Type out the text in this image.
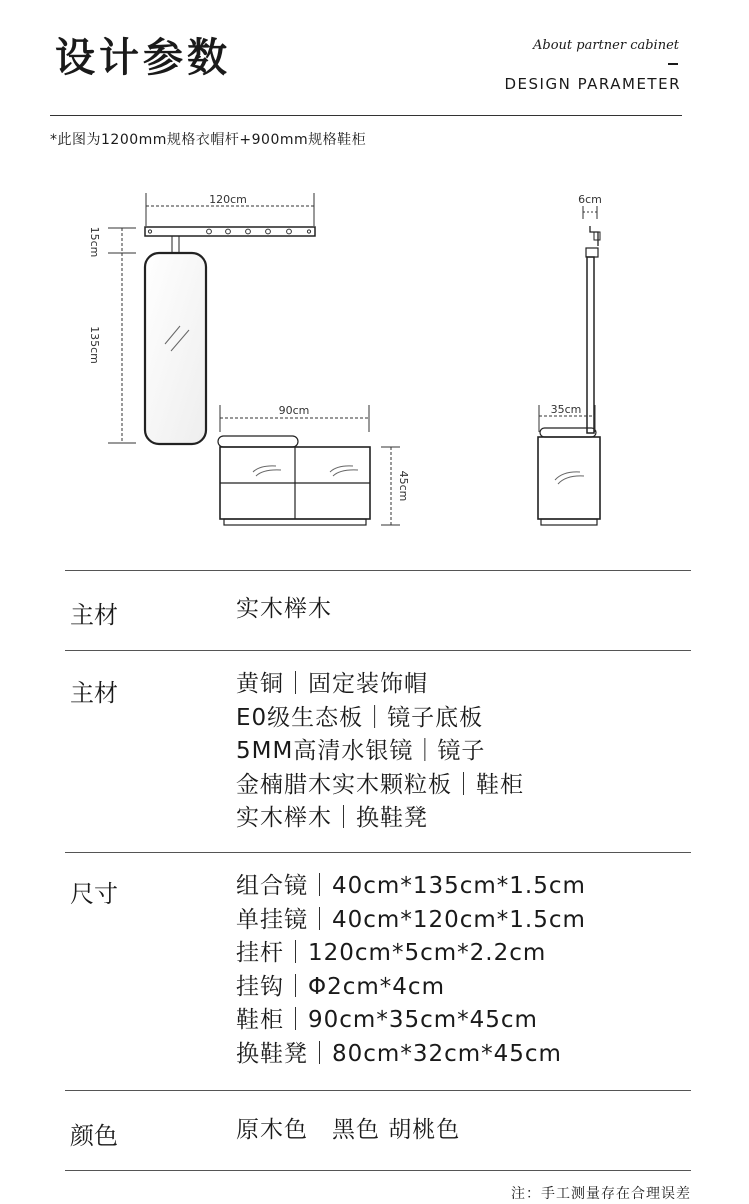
设计参数	About partner cabinet
DESIGN PARAMETER
*此图为1200mm规格衣帽杆+900mm规格鞋柜
120cm
15cm
135cm
90cm
45cm
6cm
35cm
主材	实木榉木
主材	黄铜｜固定装饰帽
E0级生态板｜镜子底板
5MM高清水银镜｜镜子
金楠腊木实木颗粒板｜鞋柜
实木榉木｜换鞋凳
尺寸	组合镜｜40cm*135cm*1.5cm
单挂镜｜40cm*120cm*1.5cm
挂杆｜120cm*5cm*2.2cm
挂钩｜Φ2cm*4cm
鞋柜｜90cm*35cm*45cm
换鞋凳｜80cm*32cm*45cm
颜色	原木色　黑色 胡桃色
注：手工测量存在合理误差
